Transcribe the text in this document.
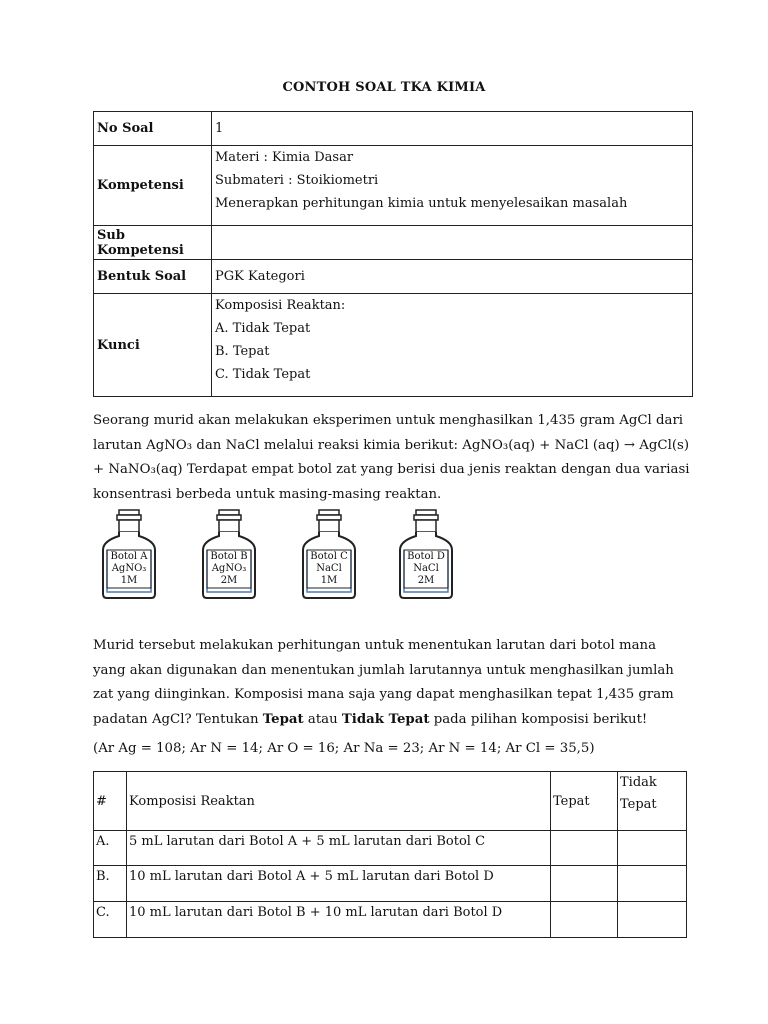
CONTOH SOAL TKA KIMIA
No Soal	1
Kompetensi	Materi : Kimia Dasar
Submateri : Stoikiometri
Menerapkan perhitungan kimia untuk menyelesaikan masalah

Sub Kompetensi	
Bentuk Soal	PGK Kategori
Kunci	Komposisi Reaktan:
A. Tidak Tepat
B. Tepat
C. Tidak Tepat
Seorang murid akan melakukan eksperimen untuk menghasilkan 1,435 gram AgCl dari
larutan AgNO₃ dan NaCl melalui reaksi kimia berikut: AgNO₃(aq) + NaCl (aq) → AgCl(s)
+ NaNO₃(aq) Terdapat empat botol zat yang berisi dua jenis reaktan dengan dua variasi
konsentrasi berbeda untuk masing-masing reaktan.
Botol A
AgNO₃
1M
Botol B
AgNO₃
2M
Botol C
NaCl
1M
Botol D
NaCl
2M
Murid tersebut melakukan perhitungan untuk menentukan larutan dari botol mana
yang akan digunakan dan menentukan jumlah larutannya untuk menghasilkan jumlah
zat yang diinginkan. Komposisi mana saja yang dapat menghasilkan tepat 1,435 gram
padatan AgCl? Tentukan Tepat atau Tidak Tepat pada pilihan komposisi berikut!
(Ar Ag = 108; Ar N = 14; Ar O = 16; Ar Na = 23; Ar N = 14; Ar Cl = 35,5)
#	Komposisi Reaktan	Tepat	Tidak
Tepat

A.	5 mL larutan dari Botol A + 5 mL larutan dari Botol C		
B.	10 mL larutan dari Botol A + 5 mL larutan dari Botol D		
C.	10 mL larutan dari Botol B + 10 mL larutan dari Botol D		
